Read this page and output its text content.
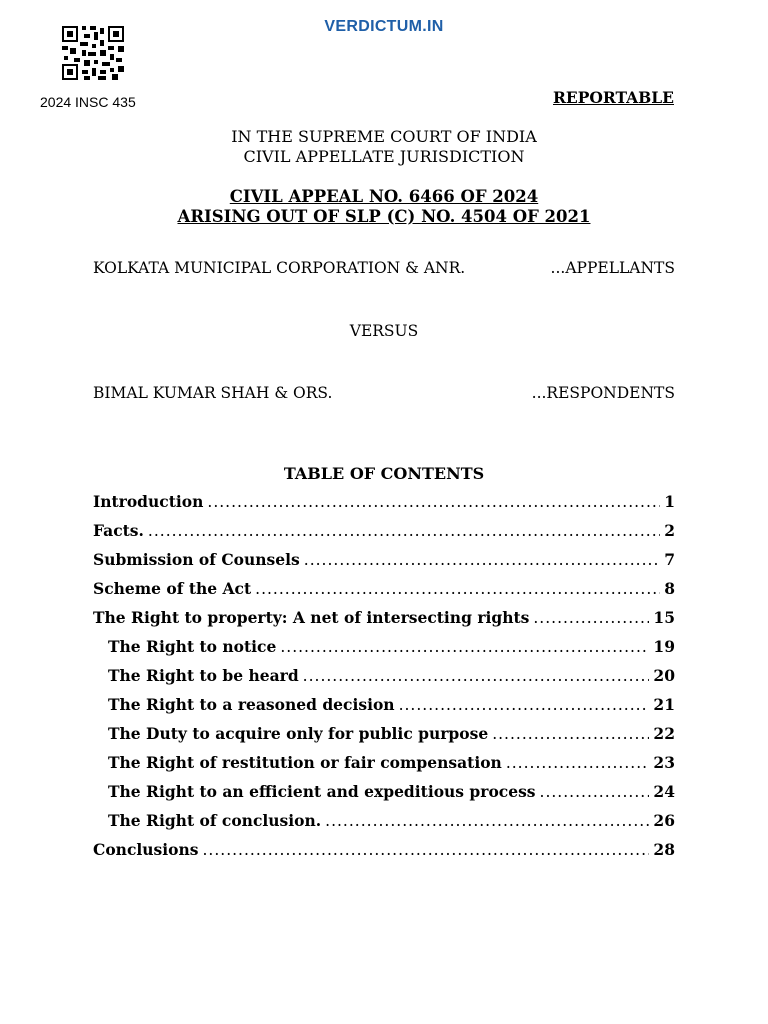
VERDICTUM.IN
2024 INSC 435	REPORTABLE
IN THE SUPREME COURT OF INDIA
CIVIL APPELLATE JURISDICTION
CIVIL APPEAL NO. 6466 OF 2024
ARISING OUT OF SLP (C) NO. 4504 OF 2021
KOLKATA MUNICIPAL CORPORATION & ANR.	...APPELLANTS
VERSUS
BIMAL KUMAR SHAH & ORS.	...RESPONDENTS
TABLE OF CONTENTS
Introduction .....	1
Facts. .....	2
Submission of Counsels .....	7
Scheme of the Act .....	8
The Right to property: A net of intersecting rights .....	15
The Right to notice .....	19
The Right to be heard .....	20
The Right to a reasoned decision .....	21
The Duty to acquire only for public purpose .....	22
The Right of restitution or fair compensation .....	23
The Right to an efficient and expeditious process .....	24
The Right of conclusion. .....	26
Conclusions .....	28
